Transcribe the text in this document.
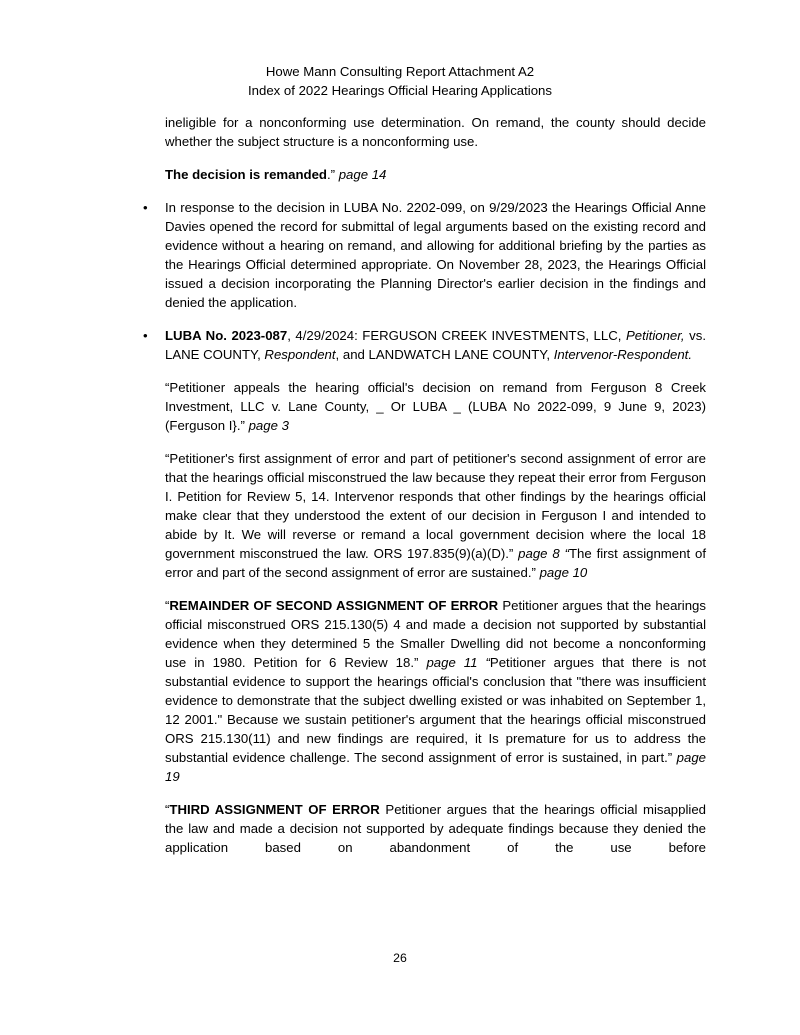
Howe Mann Consulting Report Attachment A2
Index of 2022 Hearings Official Hearing Applications

ineligible for a nonconforming use determination. On remand, the county should decide whether the subject structure is a nonconforming use.

The decision is remanded.” page 14

•	In response to the decision in LUBA No. 2202-099, on 9/29/2023 the Hearings Official Anne Davies opened the record for submittal of legal arguments based on the existing record and evidence without a hearing on remand, and allowing for additional briefing by the parties as the Hearings Official determined appropriate. On November 28, 2023, the Hearings Official issued a decision incorporating the Planning Director's earlier decision in the findings and denied the application.

•	LUBA No. 2023-087, 4/29/2024: FERGUSON CREEK INVESTMENTS, LLC, Petitioner, vs. LANE COUNTY, Respondent, and LANDWATCH LANE COUNTY, Intervenor-Respondent.

“Petitioner appeals the hearing official's decision on remand from Ferguson 8 Creek Investment, LLC v. Lane County, _ Or LUBA _ (LUBA No 2022-099, 9 June 9, 2023) (Ferguson I}.” page 3

“Petitioner's first assignment of error and part of petitioner's second assignment of error are that the hearings official misconstrued the law because they repeat their error from Ferguson I. Petition for Review 5, 14. Intervenor responds that other findings by the hearings official make clear that they understood the extent of our decision in Ferguson I and intended to abide by It. We will reverse or remand a local government decision where the local 18 government misconstrued the law. ORS 197.835(9)(a)(D).” page 8 “The first assignment of error and part of the second assignment of error are sustained.” page 10

“REMAINDER OF SECOND ASSIGNMENT OF ERROR Petitioner argues that the hearings official misconstrued ORS 215.130(5) 4 and made a decision not supported by substantial evidence when they determined 5 the Smaller Dwelling did not become a nonconforming use in 1980. Petition for 6 Review 18.” page 11 “Petitioner argues that there is not substantial evidence to support the hearings official's conclusion that "there was insufficient evidence to demonstrate that the subject dwelling existed or was inhabited on September 1, 12 2001." Because we sustain petitioner's argument that the hearings official misconstrued ORS 215.130(11) and new findings are required, it Is premature for us to address the substantial evidence challenge. The second assignment of error is sustained, in part.” page 19

“THIRD ASSIGNMENT OF ERROR Petitioner argues that the hearings official misapplied the law and made a decision not supported by adequate findings because they denied the application based on abandonment of the use before

26
